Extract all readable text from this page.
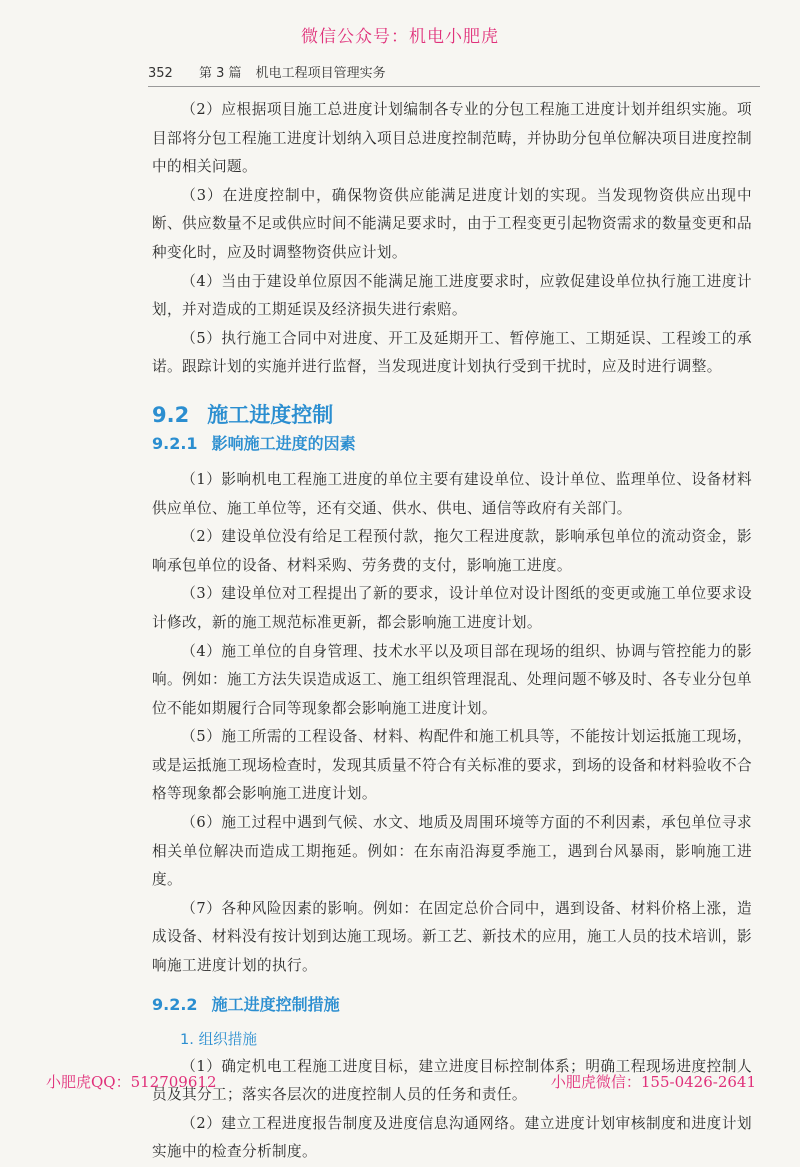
微信公众号：机电小肥虎
352 第 3 篇 机电工程项目管理实务

（2）应根据项目施工总进度计划编制各专业的分包工程施工进度计划并组织实施。项目部将分包工程施工进度计划纳入项目总进度控制范畴，并协助分包单位解决项目进度控制中的相关问题。

（3）在进度控制中，确保物资供应能满足进度计划的实现。当发现物资供应出现中断、供应数量不足或供应时间不能满足要求时，由于工程变更引起物资需求的数量变更和品种变化时，应及时调整物资供应计划。

（4）当由于建设单位原因不能满足施工进度要求时，应敦促建设单位执行施工进度计划，并对造成的工期延误及经济损失进行索赔。

（5）执行施工合同中对进度、开工及延期开工、暂停施工、工期延误、工程竣工的承诺。跟踪计划的实施并进行监督，当发现进度计划执行受到干扰时，应及时进行调整。

9.2 施工进度控制
9.2.1 影响施工进度的因素

（1）影响机电工程施工进度的单位主要有建设单位、设计单位、监理单位、设备材料供应单位、施工单位等，还有交通、供水、供电、通信等政府有关部门。

（2）建设单位没有给足工程预付款，拖欠工程进度款，影响承包单位的流动资金，影响承包单位的设备、材料采购、劳务费的支付，影响施工进度。

（3）建设单位对工程提出了新的要求，设计单位对设计图纸的变更或施工单位要求设计修改，新的施工规范标准更新，都会影响施工进度计划。

（4）施工单位的自身管理、技术水平以及项目部在现场的组织、协调与管控能力的影响。例如：施工方法失误造成返工、施工组织管理混乱、处理问题不够及时、各专业分包单位不能如期履行合同等现象都会影响施工进度计划。

（5）施工所需的工程设备、材料、构配件和施工机具等，不能按计划运抵施工现场，或是运抵施工现场检查时，发现其质量不符合有关标准的要求，到场的设备和材料验收不合格等现象都会影响施工进度计划。

（6）施工过程中遇到气候、水文、地质及周围环境等方面的不利因素，承包单位寻求相关单位解决而造成工期拖延。例如：在东南沿海夏季施工，遇到台风暴雨，影响施工进度。

（7）各种风险因素的影响。例如：在固定总价合同中，遇到设备、材料价格上涨，造成设备、材料没有按计划到达施工现场。新工艺、新技术的应用，施工人员的技术培训，影响施工进度计划的执行。

9.2.2 施工进度控制措施
1. 组织措施

（1）确定机电工程施工进度目标，建立进度目标控制体系；明确工程现场进度控制人员及其分工；落实各层次的进度控制人员的任务和责任。

（2）建立工程进度报告制度及进度信息沟通网络。建立进度计划审核制度和进度计划实施中的检查分析制度。

小肥虎QQ：512709612	小肥虎微信：155-0426-2641
